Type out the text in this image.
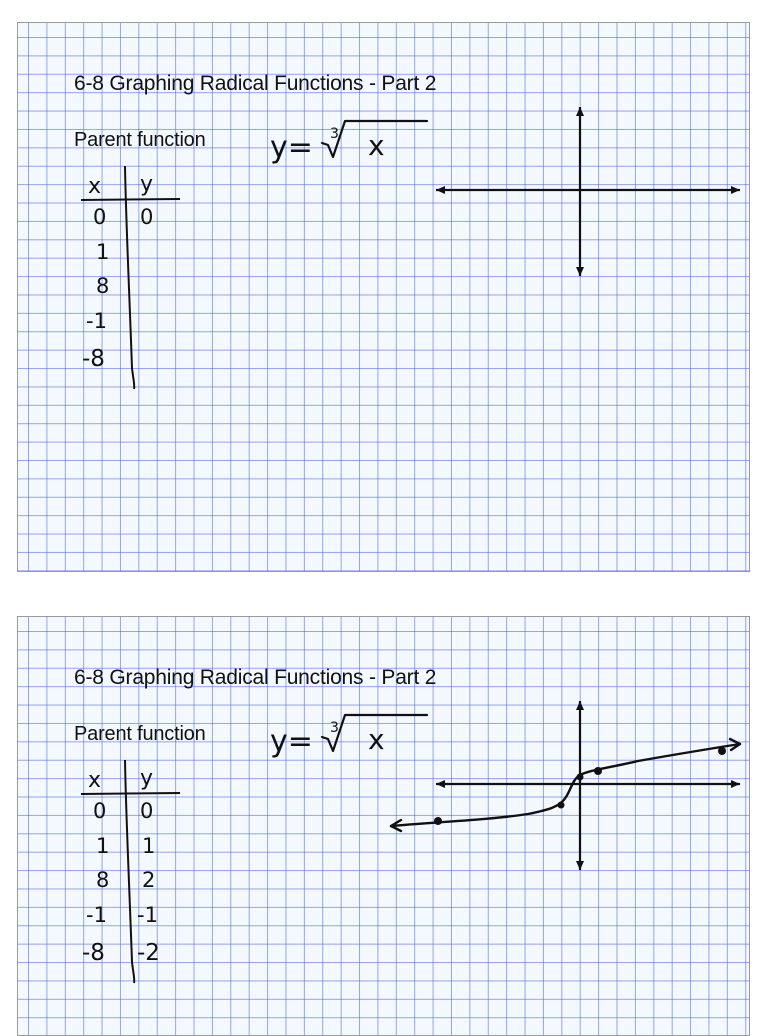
6-8 Graphing Radical Functions - Part 2
Parent function y= 3 x
x y
0
1
8
-1
-8
0
6-8 Graphing Radical Functions - Part 2
Parent function y= 3 x
x y
0
1
8
-1
-8
0
1
2
-1
-2
